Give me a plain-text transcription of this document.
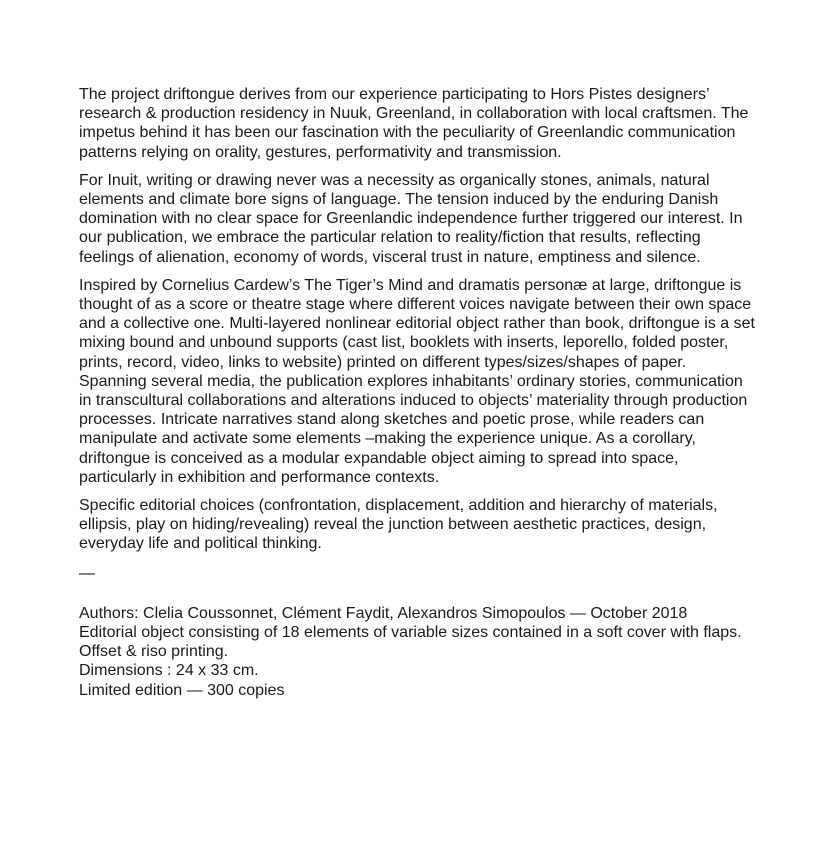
The project driftongue derives from our experience participating to Hors Pistes designers’ research & production residency in Nuuk, Greenland, in collaboration with local craftsmen. The impetus behind it has been our fascination with the peculiarity of Greenlandic communication patterns relying on orality, gestures, performativity and transmission.

For Inuit, writing or drawing never was a necessity as organically stones, animals, natural elements and climate bore signs of language. The tension induced by the enduring Danish domination with no clear space for Greenlandic independence further triggered our interest. In our publication, we embrace the particular relation to reality/fiction that results, reflecting feelings of alienation, economy of words, visceral trust in nature, emptiness and silence.

Inspired by Cornelius Cardew’s The Tiger’s Mind and dramatis personæ at large, driftongue is thought of as a score or theatre stage where different voices navigate between their own space and a collective one. Multi-layered nonlinear editorial object rather than book, driftongue is a set mixing bound and unbound supports (cast list, booklets with inserts, leporello, folded poster, prints, record, video, links to website) printed on different types/sizes/shapes of paper. Spanning several media, the publication explores inhabitants’ ordinary stories, communication in transcultural collaborations and alterations induced to objects’ materiality through production processes. Intricate narratives stand along sketches and poetic prose, while readers can manipulate and activate some elements –making the experience unique. As a corollary, driftongue is conceived as a modular expandable object aiming to spread into space, particularly in exhibition and performance contexts.

Specific editorial choices (confrontation, displacement, addition and hierarchy of materials, ellipsis, play on hiding/revealing) reveal the junction between aesthetic practices, design, everyday life and political thinking.

—

Authors: Clelia Coussonnet, Clément Faydit, Alexandros Simopoulos — October 2018

Editorial object consisting of 18 elements of variable sizes contained in a soft cover with flaps.

Offset & riso printing.

Dimensions : 24 x 33 cm.

Limited edition — 300 copies
